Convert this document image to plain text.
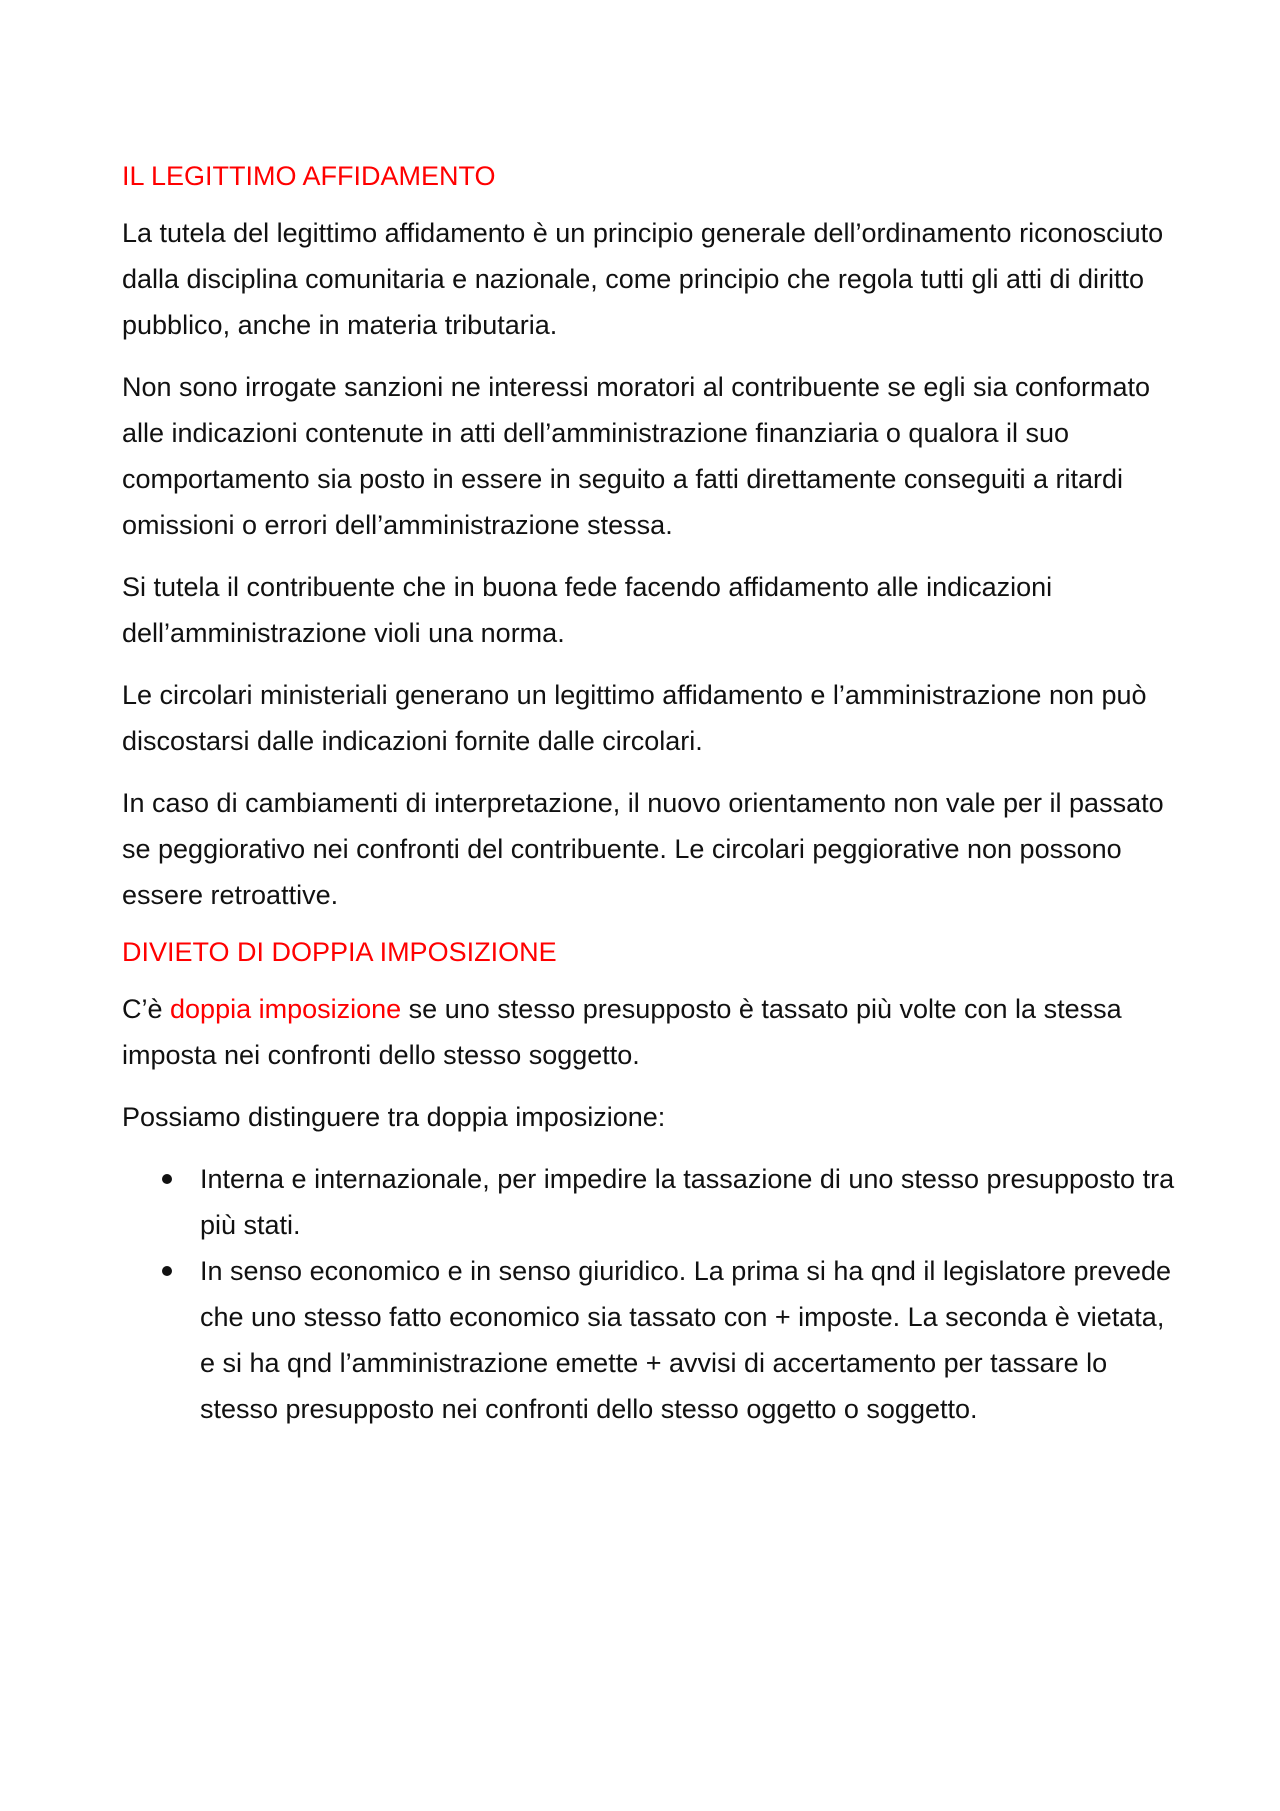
IL LEGITTIMO AFFIDAMENTO

La tutela del legittimo affidamento è un principio generale dell’ordinamento riconosciuto dalla disciplina comunitaria e nazionale, come principio che regola tutti gli atti di diritto pubblico, anche in materia tributaria.

Non sono irrogate sanzioni ne interessi moratori al contribuente se egli sia conformato alle indicazioni contenute in atti dell’amministrazione finanziaria o qualora il suo comportamento sia posto in essere in seguito a fatti direttamente conseguiti a ritardi omissioni o errori dell’amministrazione stessa.

Si tutela il contribuente che in buona fede facendo affidamento alle indicazioni dell’amministrazione violi una norma.

Le circolari ministeriali generano un legittimo affidamento e l’amministrazione non può discostarsi dalle indicazioni fornite dalle circolari.

In caso di cambiamenti di interpretazione, il nuovo orientamento non vale per il passato se peggiorativo nei confronti del contribuente. Le circolari peggiorative non possono essere retroattive.

DIVIETO DI DOPPIA IMPOSIZIONE

C’è doppia imposizione se uno stesso presupposto è tassato più volte con la stessa imposta nei confronti dello stesso soggetto.

Possiamo distinguere tra doppia imposizione:

Interna e internazionale, per impedire la tassazione di uno stesso presupposto tra più stati.
In senso economico e in senso giuridico. La prima si ha qnd il legislatore prevede che uno stesso fatto economico sia tassato con + imposte. La seconda è vietata, e si ha qnd l’amministrazione emette + avvisi di accertamento per tassare lo stesso presupposto nei confronti dello stesso oggetto o soggetto.
